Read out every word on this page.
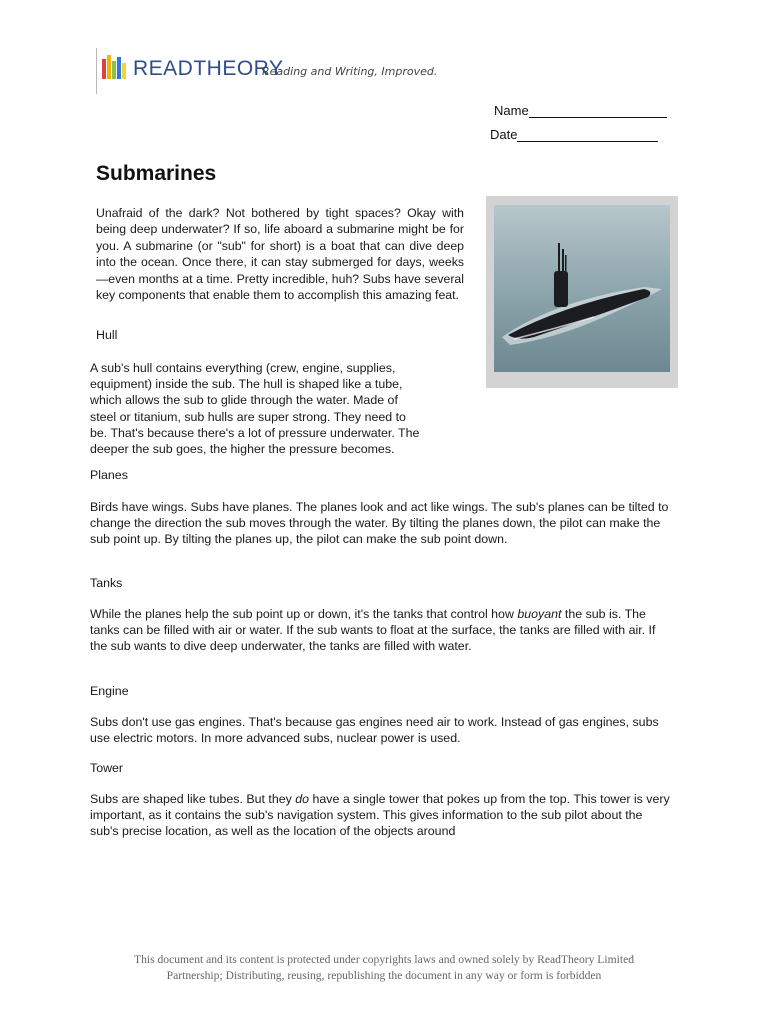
READTHEORY
Reading and Writing, Improved.
Name
Date
Submarines
Unafraid of the dark? Not bothered by tight spaces? Okay with being deep underwater? If so, life aboard a submarine might be for you. A submarine (or "sub" for short) is a boat that can dive deep into the ocean. Once there, it can stay submerged for days, weeks—even months at a time. Pretty incredible, huh? Subs have several key components that enable them to accomplish this amazing feat.
Hull
A sub's hull contains everything (crew, engine, supplies, equipment) inside the sub. The hull is shaped like a tube, which allows the sub to glide through the water. Made of steel or titanium, sub hulls are super strong. They need to be. That's because there's a lot of pressure underwater. The deeper the sub goes, the higher the pressure becomes.
Planes
Birds have wings. Subs have planes. The planes look and act like wings. The sub's planes can be tilted to change the direction the sub moves through the water. By tilting the planes down, the pilot can make the sub point up. By tilting the planes up, the pilot can make the sub point down.
Tanks
While the planes help the sub point up or down, it's the tanks that control how buoyant the sub is. The tanks can be filled with air or water. If the sub wants to float at the surface, the tanks are filled with air. If the sub wants to dive deep underwater, the tanks are filled with water.
Engine
Subs don't use gas engines. That's because gas engines need air to work. Instead of gas engines, subs use electric motors. In more advanced subs, nuclear power is used.
Tower
Subs are shaped like tubes. But they do have a single tower that pokes up from the top. This tower is very important, as it contains the sub's navigation system. This gives information to the sub pilot about the sub's precise location, as well as the location of the objects around
This document and its content is protected under copyrights laws and owned solely by ReadTheory Limited
Partnership; Distributing, reusing, republishing the document in any way or form is forbidden
